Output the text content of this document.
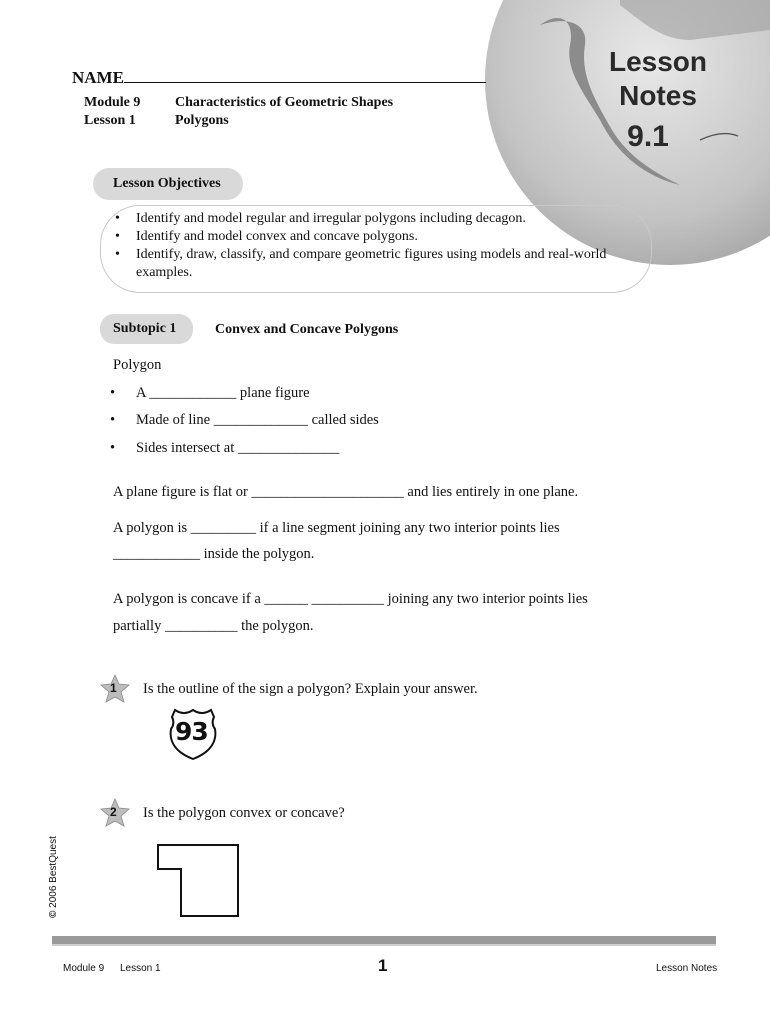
Lesson
Notes
9.1
NAME
Module 9 Characteristics of Geometric Shapes
Lesson 1	Polygons
Lesson Objectives
• Identify and model regular and irregular polygons including decagon.
• Identify and model convex and concave polygons.
• Identify, draw, classify, and compare geometric figures using models and real-world examples.
Subtopic 1	Convex and Concave Polygons
Polygon
• A ____________ plane figure
• Made of line _____________ called sides
• Sides intersect at ______________
A plane figure is flat or _____________________ and lies entirely in one plane.
A polygon is _________ if a line segment joining any two interior points lies
____________ inside the polygon.
A polygon is concave if a ______ __________ joining any two interior points lies
partially __________ the polygon.
1 Is the outline of the sign a polygon? Explain your answer.
93
2 Is the polygon convex or concave?
© 2006 BestQuest
Module 9 Lesson 1	1	Lesson Notes
